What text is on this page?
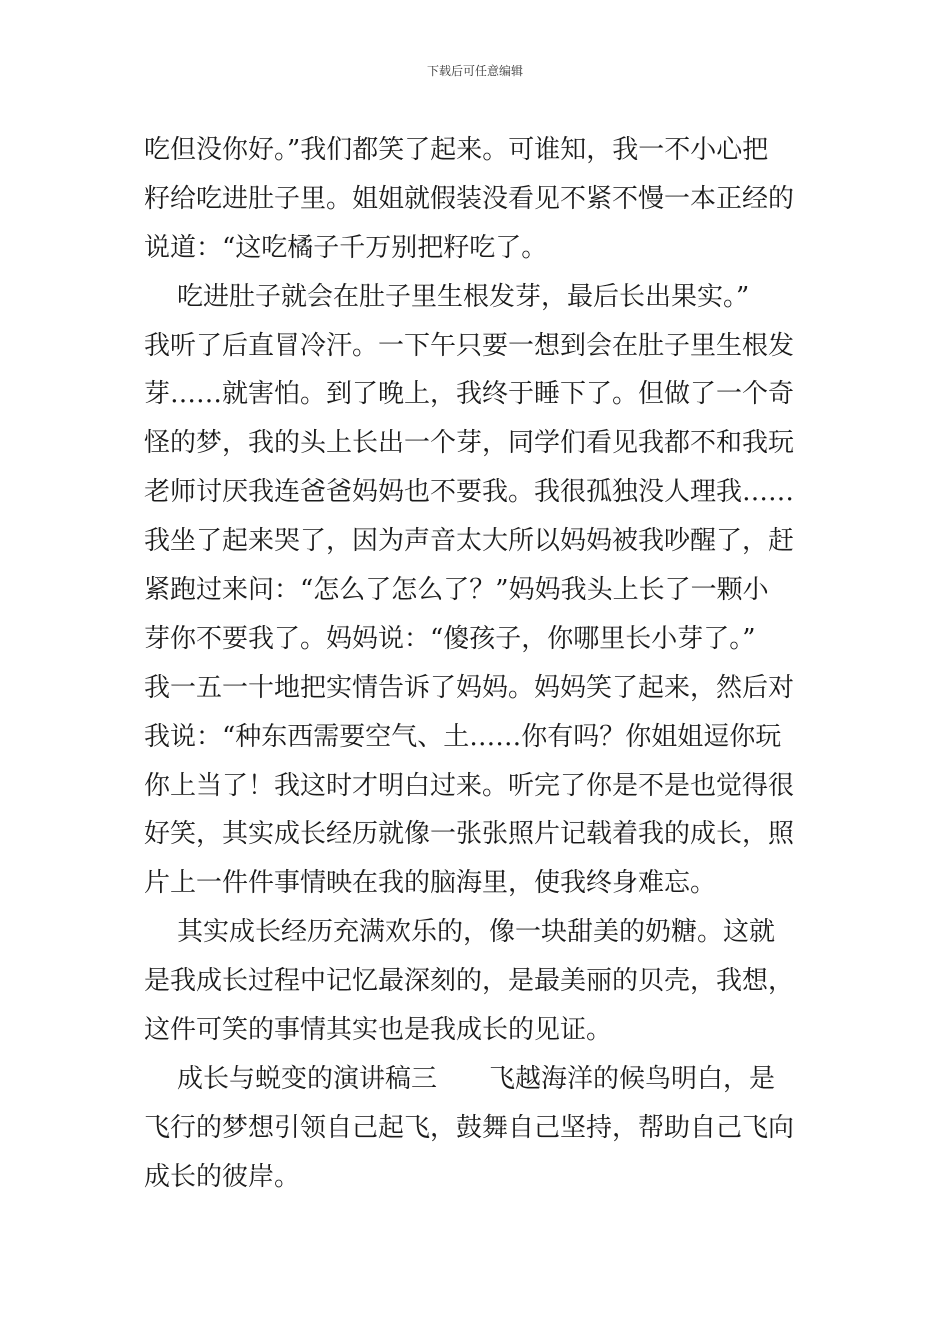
下载后可任意编辑
吃但没你好。”我们都笑了起来。可谁知，我一不小心把
籽给吃进肚子里。姐姐就假装没看见不紧不慢一本正经的
说道：“这吃橘子千万别把籽吃了。
吃进肚子就会在肚子里生根发芽，最后长出果实。”
我听了后直冒冷汗。一下午只要一想到会在肚子里生根发
芽……就害怕。到了晚上，我终于睡下了。但做了一个奇
怪的梦，我的头上长出一个芽，同学们看见我都不和我玩
老师讨厌我连爸爸妈妈也不要我。我很孤独没人理我……
我坐了起来哭了，因为声音太大所以妈妈被我吵醒了，赶
紧跑过来问：“怎么了怎么了？”妈妈我头上长了一颗小
芽你不要我了。妈妈说：“傻孩子，你哪里长小芽了。”
我一五一十地把实情告诉了妈妈。妈妈笑了起来，然后对
我说：“种东西需要空气、土……你有吗？你姐姐逗你玩
你上当了！我这时才明白过来。听完了你是不是也觉得很
好笑，其实成长经历就像一张张照片记载着我的成长，照
片上一件件事情映在我的脑海里，使我终身难忘。
其实成长经历充满欢乐的，像一块甜美的奶糖。这就
是我成长过程中记忆最深刻的，是最美丽的贝壳，我想，
这件可笑的事情其实也是我成长的见证。
成长与蜕变的演讲稿三　　飞越海洋的候鸟明白，是
飞行的梦想引领自己起飞，鼓舞自己坚持，帮助自己飞向
成长的彼岸。
